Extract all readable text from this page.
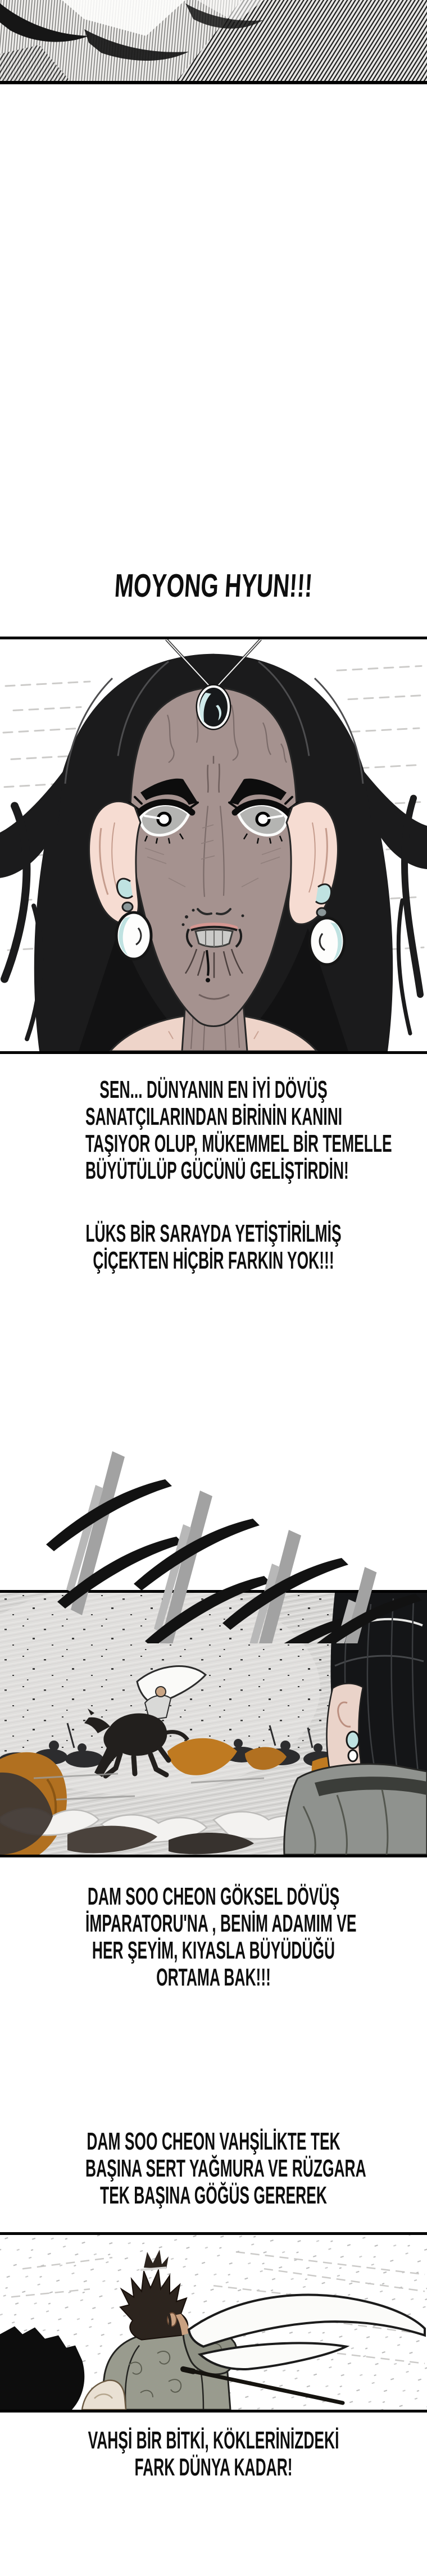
MOYONG HYUN!!!
SEN... DÜNYANIN EN İYİ DÖVÜŞ
SANATÇILARINDAN BİRİNİN KANINI
TAŞIYOR OLUP, MÜKEMMEL BİR TEMELLE
BÜYÜTÜLÜP GÜCÜNÜ GELİŞTİRDİN!
LÜKS BİR SARAYDA YETİŞTİRİLMİŞ
ÇİÇEKTEN HİÇBİR FARKIN YOK!!!
DAM SOO CHEON GÖKSEL DÖVÜŞ
İMPARATORU'NA , BENİM ADAMIM VE
HER ŞEYİM, KIYASLA BÜYÜDÜĞÜ
ORTAMA BAK!!!
DAM SOO CHEON VAHŞİLİKTE TEK
BAŞINA SERT YAĞMURA VE RÜZGARA
TEK BAŞINA GÖĞÜS GEREREK
VAHŞİ BİR BİTKİ, KÖKLERİNİZDEKİ
FARK DÜNYA KADAR!
